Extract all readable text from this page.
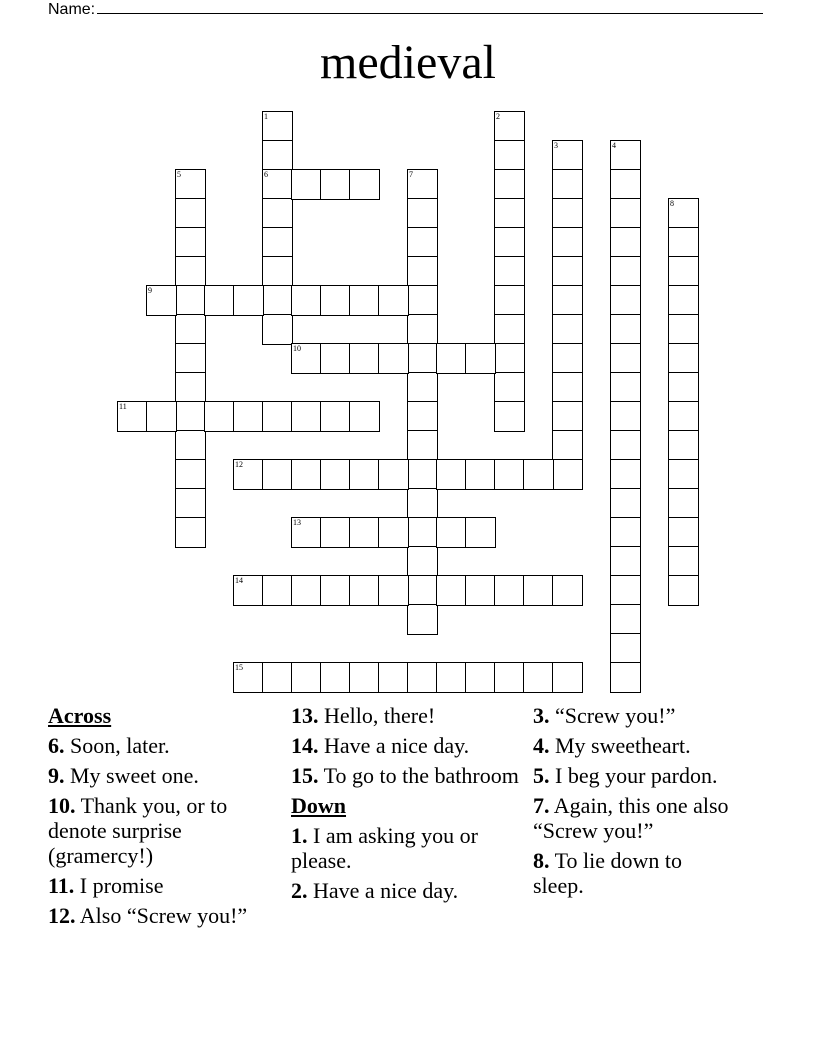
Name:
medieval
1
6
2
3	4
5	7
8
9
10
11
12
13
14
15
Across
6. Soon, later.
9. My sweet one.
10. Thank you, or to denote surprise (gramercy!)
11. I promise
12. Also “Screw you!”
13. Hello, there!
14. Have a nice day.
15. To go to the bathroom
Down
1. I am asking you or please.
2. Have a nice day.
3. “Screw you!”
4. My sweetheart.
5. I beg your pardon.
7. Again, this one also “Screw you!”
8. To lie down to sleep.
